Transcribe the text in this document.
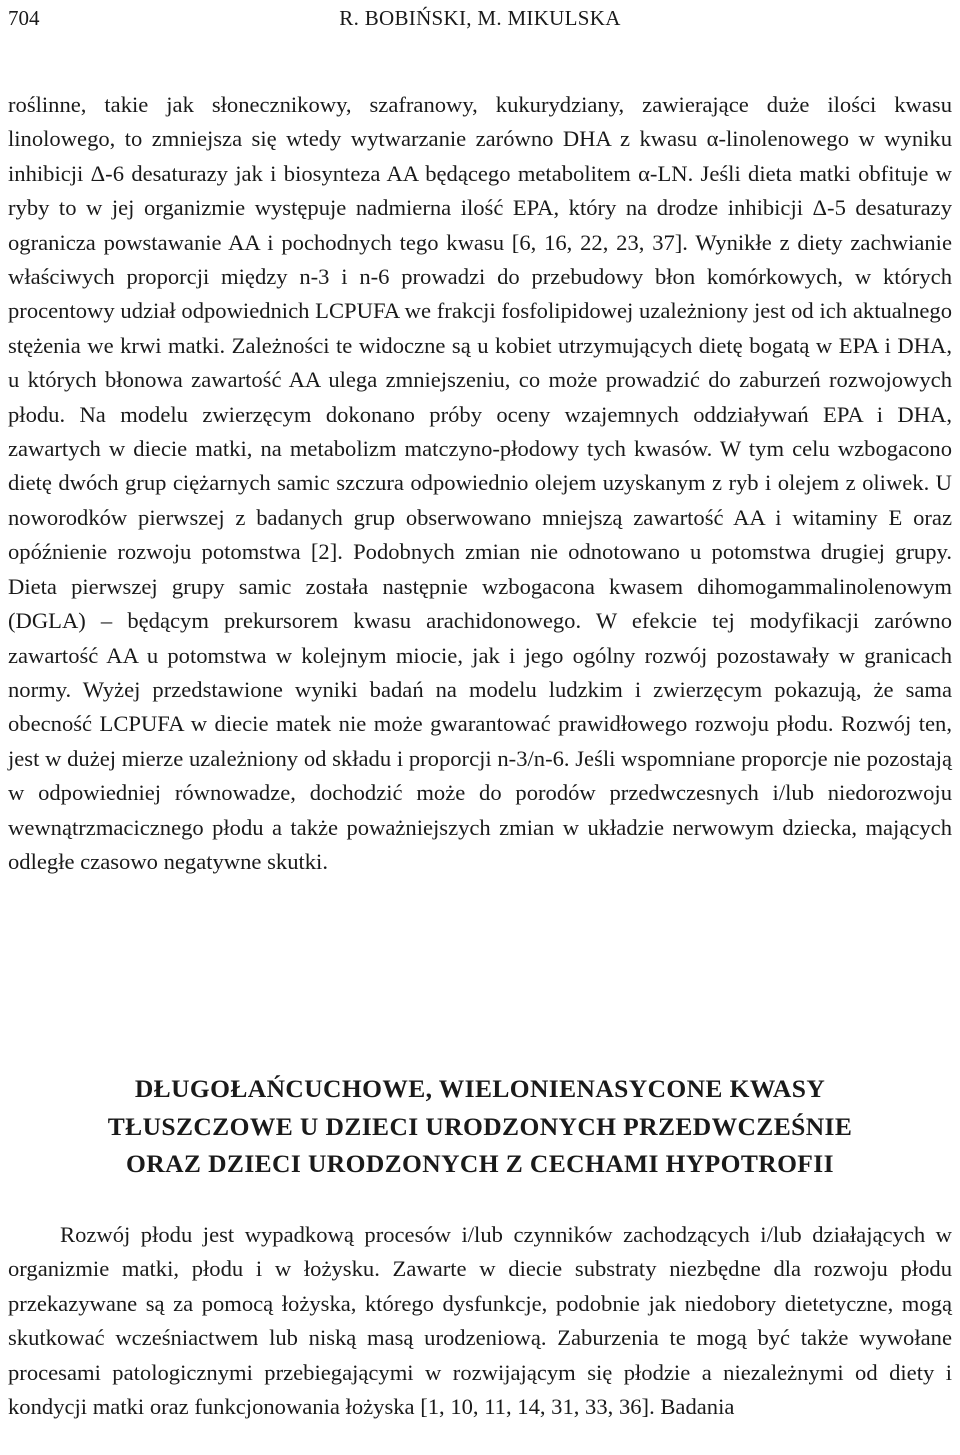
704	R. BOBIŃSKI, M. MIKULSKA

roślinne, takie jak słonecznikowy, szafranowy, kukurydziany, zawierające duże ilości kwasu linolowego, to zmniejsza się wtedy wytwarzanie zarówno DHA z kwasu α-linolenowego w wyniku inhibicji Δ-6 desaturazy jak i biosynteza AA będącego metabolitem α-LN. Jeśli dieta matki obfituje w ryby to w jej organizmie występuje nadmierna ilość EPA, który na drodze inhibicji Δ-5 desaturazy ogranicza powstawanie AA i pochodnych tego kwasu [6, 16, 22, 23, 37]. Wynikłe z diety zachwianie właściwych proporcji między n-3 i n-6 prowadzi do przebudowy błon komórkowych, w których procentowy udział odpowiednich LCPUFA we frakcji fosfolipidowej uzależniony jest od ich aktualnego stężenia we krwi matki. Zależności te widoczne są u kobiet utrzymujących dietę bogatą w EPA i DHA, u których błonowa zawartość AA ulega zmniejszeniu, co może prowadzić do zaburzeń rozwojowych płodu. Na modelu zwierzęcym dokonano próby oceny wzajemnych oddziaływań EPA i DHA, zawartych w diecie matki, na metabolizm matczyno-płodowy tych kwasów. W tym celu wzbogacono dietę dwóch grup ciężarnych samic szczura odpowiednio olejem uzyskanym z ryb i olejem z oliwek. U noworodków pierwszej z badanych grup obserwowano mniejszą zawartość AA i witaminy E oraz opóźnienie rozwoju potomstwa [2]. Podobnych zmian nie odnotowano u potomstwa drugiej grupy. Dieta pierwszej grupy samic została następnie wzbogacona kwasem dihomogammalinolenowym (DGLA) – będącym prekursorem kwasu arachidonowego. W efekcie tej modyfikacji zarówno zawartość AA u potomstwa w kolejnym miocie, jak i jego ogólny rozwój pozostawały w granicach normy. Wyżej przedstawione wyniki badań na modelu ludzkim i zwierzęcym pokazują, że sama obecność LCPUFA w diecie matek nie może gwarantować prawidłowego rozwoju płodu. Rozwój ten, jest w dużej mierze uzależniony od składu i proporcji n-3/n-6. Jeśli wspomniane proporcje nie pozostają w odpowiedniej równowadze, dochodzić może do porodów przedwczesnych i/lub niedorozwoju wewnątrzmacicznego płodu a także poważniejszych zmian w układzie nerwowym dziecka, mających odległe czasowo negatywne skutki.

DŁUGOŁAŃCUCHOWE, WIELONIENASYCONE KWASY
TŁUSZCZOWE U DZIECI URODZONYCH PRZEDWCZEŚNIE
ORAZ DZIECI URODZONYCH Z CECHAMI HYPOTROFII

Rozwój płodu jest wypadkową procesów i/lub czynników zachodzących i/lub działających w organizmie matki, płodu i w łożysku. Zawarte w diecie substraty niezbędne dla rozwoju płodu przekazywane są za pomocą łożyska, którego dysfunkcje, podobnie jak niedobory dietetyczne, mogą skutkować wcześniactwem lub niską masą urodzeniową. Zaburzenia te mogą być także wywołane procesami patologicznymi przebiegającymi w rozwijającym się płodzie a niezależnymi od diety i kondycji matki oraz funkcjonowania łożyska [1, 10, 11, 14, 31, 33, 36]. Badania
